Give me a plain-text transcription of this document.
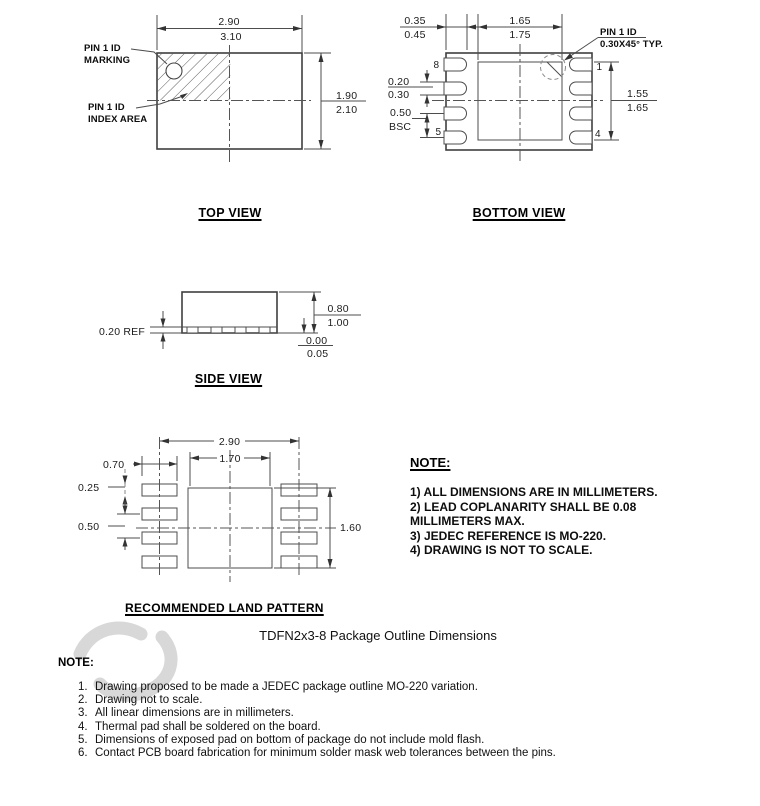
2.90
3.10
PIN 1 ID
MARKING
PIN 1 ID
INDEX AREA
1.90
2.10
TOP VIEW
0.35
0.45
1.65
1.75	PIN 1 ID
0.30X45° TYP.
0.20
0.30
0.50
BSC
1.55
1.65
8	1
5	4
BOTTOM VIEW
0.20 REF
0.80
1.00
0.00
0.05
SIDE VIEW
2.90
1.70
0.70
0.25
0.50	1.60
RECOMMENDED LAND PATTERN
NOTE:
1) ALL DIMENSIONS ARE IN MILLIMETERS.
2) LEAD COPLANARITY SHALL BE 0.08
MILLIMETERS MAX.
3) JEDEC REFERENCE IS MO-220.
4) DRAWING IS NOT TO SCALE.
TDFN2x3-8 Package Outline Dimensions
NOTE:
1. Drawing proposed to be made a JEDEC package outline MO-220 variation.
2. Drawing not to scale.
3. All linear dimensions are in millimeters.
4. Thermal pad shall be soldered on the board.
5. Dimensions of exposed pad on bottom of package do not include mold flash.
6. Contact PCB board fabrication for minimum solder mask web tolerances between the pins.
